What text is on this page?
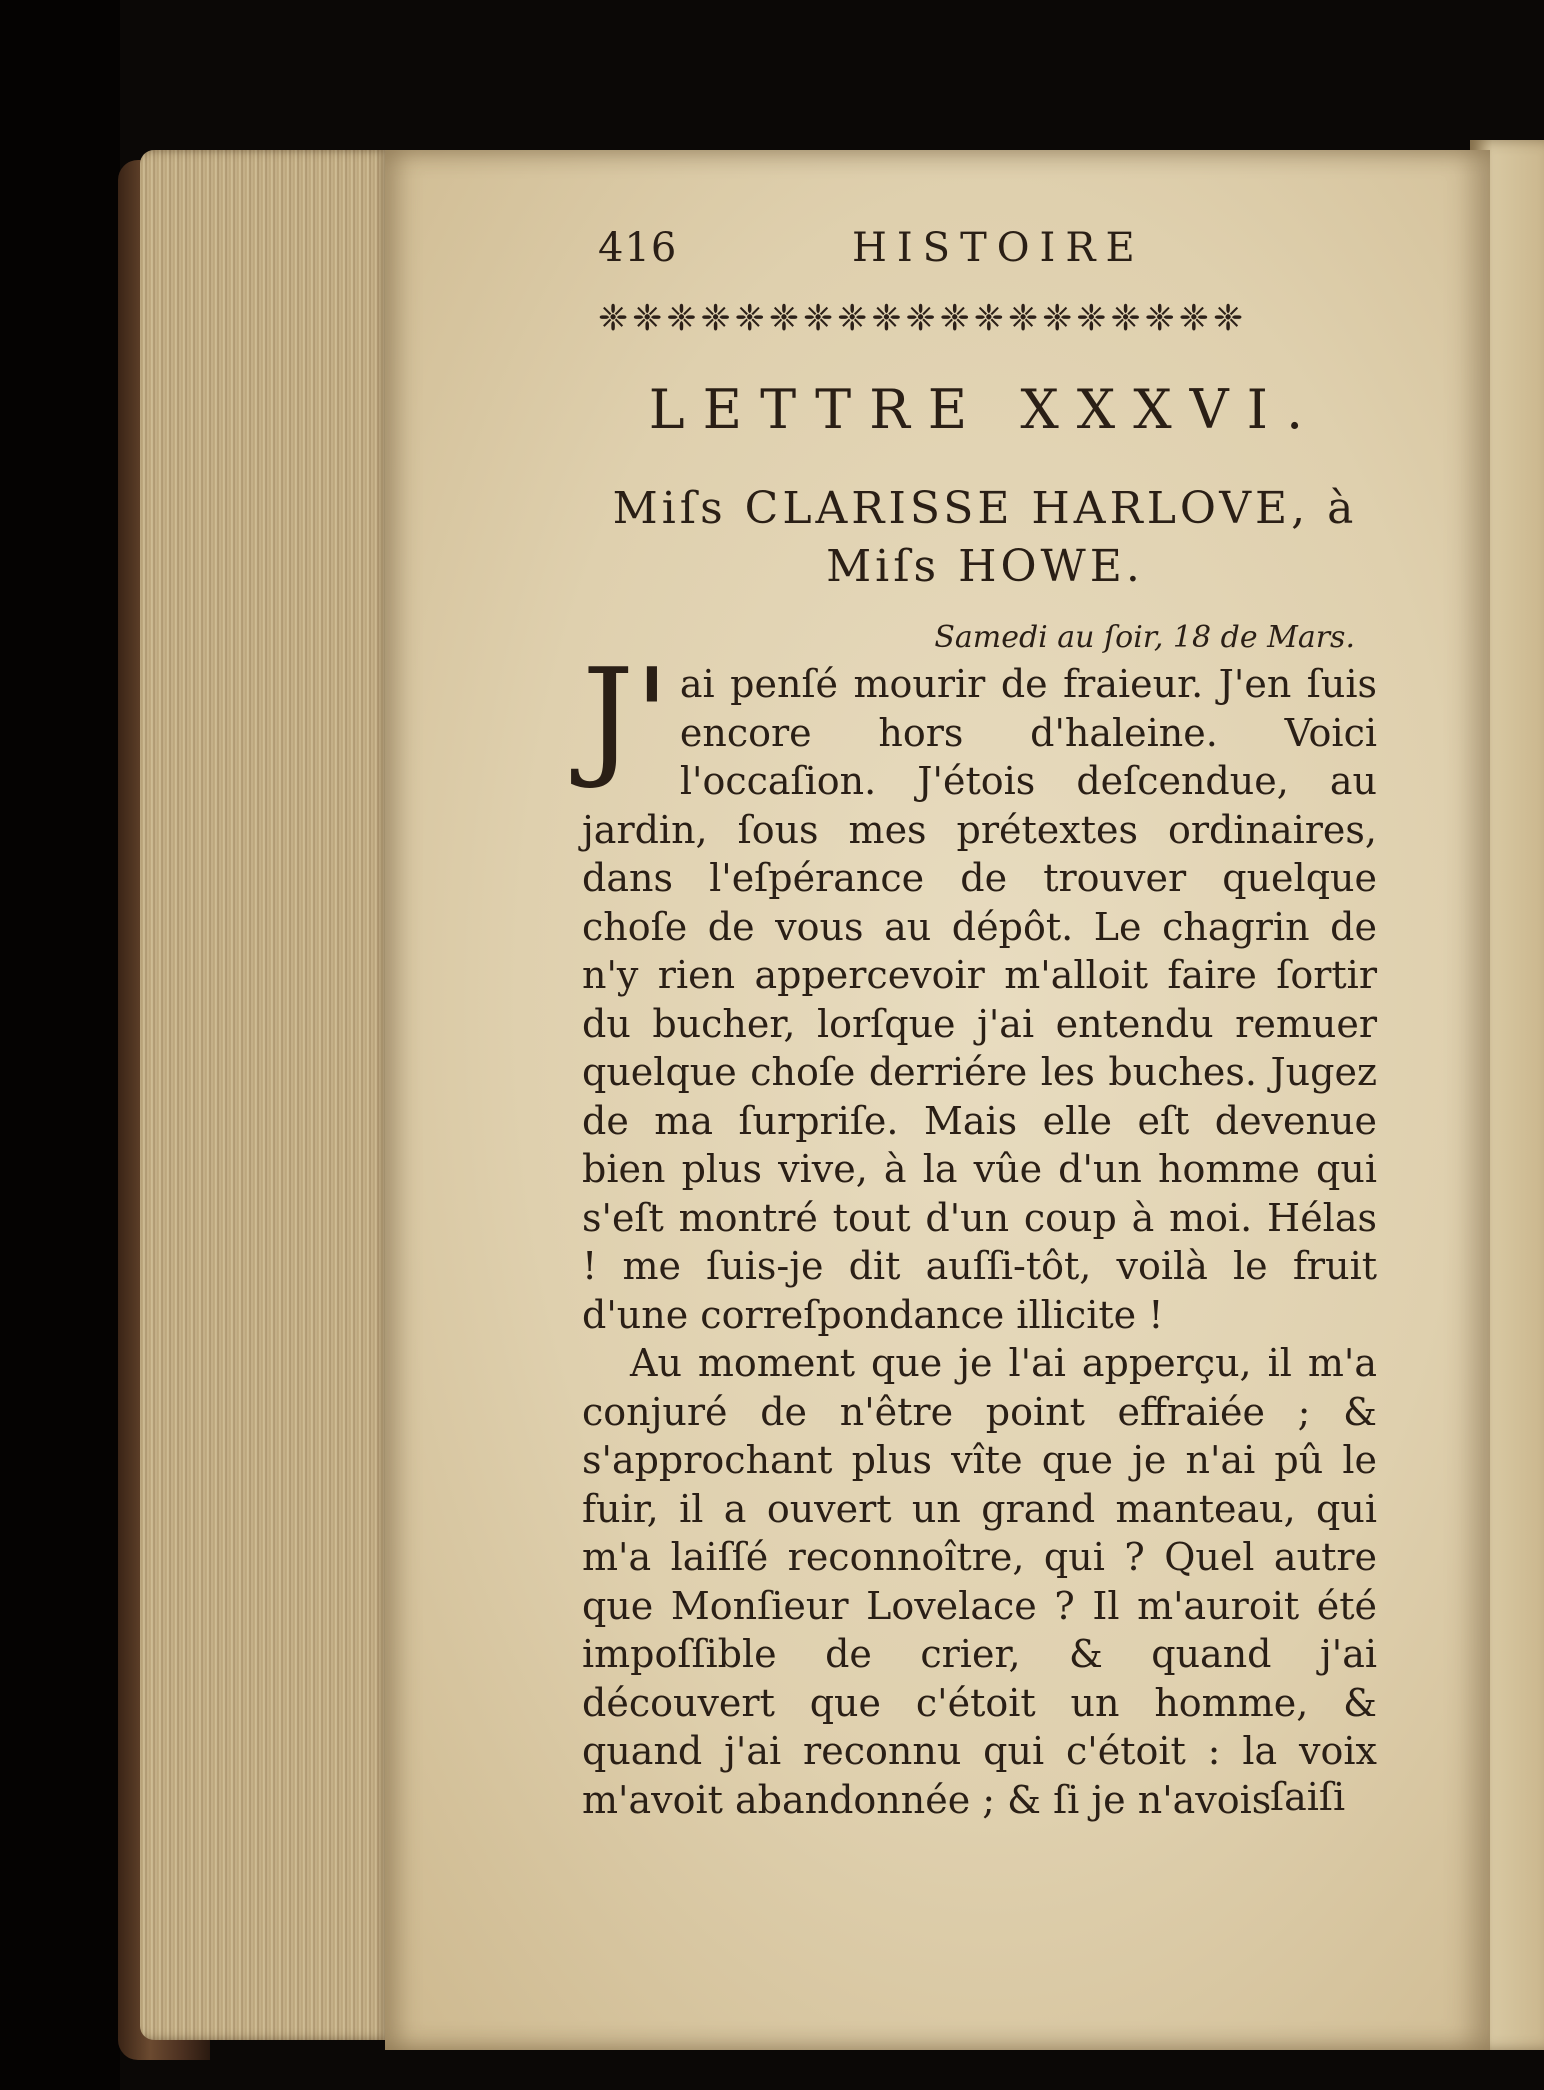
416	HISTOIRE
❈❈❈❈❈❈❈❈❈❈❈❈❈❈❈❈❈❈❈
LETTRE XXXVI.
Miſs CLARISSE HARLOVE, à
Miſs HOWE.
Samedi au ſoir, 18 de Mars.

J'ai penſé mourir de fraieur. J'en ſuis encore hors d'haleine. Voici l'occaſion. J'étois deſcendue, au jardin, ſous mes prétextes ordinaires, dans l'eſpérance de trouver quelque choſe de vous au dépôt. Le chagrin de n'y rien appercevoir m'alloit faire ſortir du bucher, lorſque j'ai entendu remuer quelque choſe derriére les buches. Jugez de ma ſurpriſe. Mais elle eſt devenue bien plus vive, à la vûe d'un homme qui s'eſt montré tout d'un coup à moi. Hélas ! me ſuis-je dit auſſi-tôt, voilà le fruit d'une correſpondance illicite !

Au moment que je l'ai apperçu, il m'a conjuré de n'être point effraiée ; & s'approchant plus vîte que je n'ai pû le fuir, il a ouvert un grand manteau, qui m'a laiſſé reconnoître, qui ? Quel autre que Monſieur Lovelace ? Il m'auroit été impoſſible de crier, & quand j'ai découvert que c'étoit un homme, & quand j'ai reconnu qui c'étoit : la voix m'avoit abandonnée ; & ſi je n'avois

ſaiſi
